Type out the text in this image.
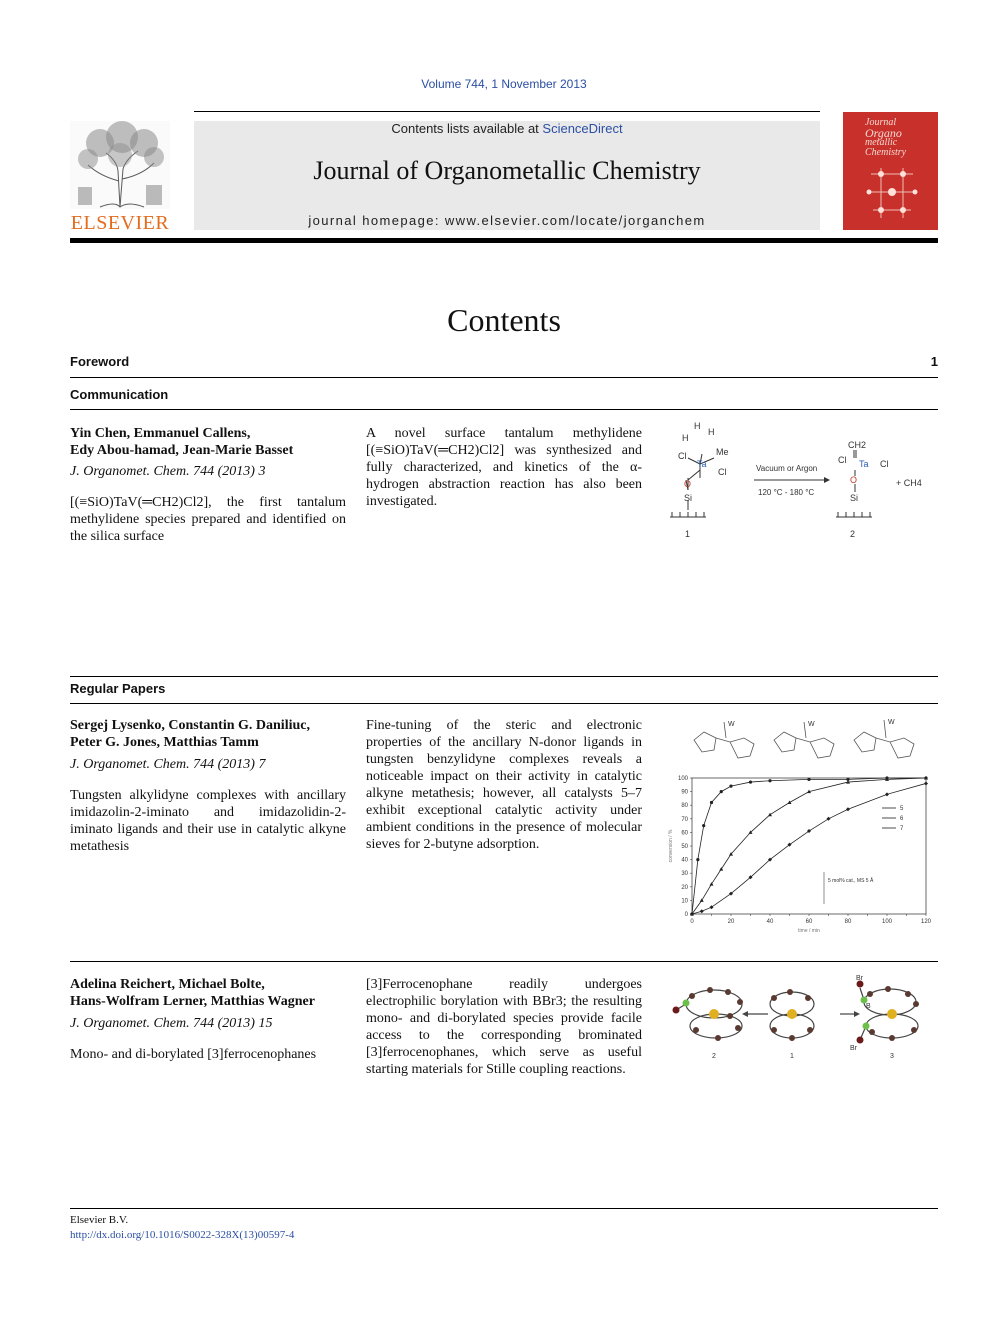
Volume 744, 1 November 2013
ELSEVIER
Contents lists available at ScienceDirect
Journal of Organometallic Chemistry
journal homepage: www.elsevier.com/locate/jorganchem
Journal
Organo
metallic
Chemistry
Contents
Foreword	1
Communication
Yin Chen, Emmanuel Callens,
Edy Abou-hamad, Jean-Marie Basset
J. Organomet. Chem. 744 (2013) 3
[(≡SiO)TaV(═CH2)Cl2], the first tantalum methylidene species prepared and identified on the silica surface
A novel surface tantalum methylidene [(≡SiO)TaV(═CH2)Cl2] was synthesized and fully characterized, and kinetics of the α-hydrogen abstraction reaction has also been investigated.
H
H
H
Me
Cl
Ta
Cl
O
Si
Vacuum or Argon
120 °C - 180 °C
CH2
Cl Ta Cl
O
Si
+ CH4
1	2
Regular Papers
Sergej Lysenko, Constantin G. Daniliuc,
Peter G. Jones, Matthias Tamm
J. Organomet. Chem. 744 (2013) 7
Tungsten alkylidyne complexes with ancillary imidazolin-2-iminato and imidazolidin-2-iminato ligands and their use in catalytic alkyne metathesis
Fine-tuning of the steric and electronic properties of the ancillary N-donor ligands in tungsten benzylidyne complexes reveals a noticeable impact on their activity in catalytic alkyne metathesis; however, all catalysts 5–7 exhibit exceptional catalytic activity under ambient conditions in the presence of molecular sieves for 2-butyne adsorption.
W	W	W
0	20	40	60	80	100	120
0
10
20
30
40
50
60
70
80
90
100
time / min
conversion / %
5
6
7
5 mol% cat., MS 5 Å
Adelina Reichert, Michael Bolte,
Hans-Wolfram Lerner, Matthias Wagner
J. Organomet. Chem. 744 (2013) 15
Mono- and di-borylated [3]ferrocenophanes
[3]Ferrocenophane readily undergoes electrophilic borylation with BBr3; the resulting mono- and di-borylated species provide facile access to the corresponding brominated [3]ferrocenophanes, which serve as useful starting materials for Stille coupling reactions.
2	1	3
Br
B
Br
Elsevier B.V.
http://dx.doi.org/10.1016/S0022-328X(13)00597-4
